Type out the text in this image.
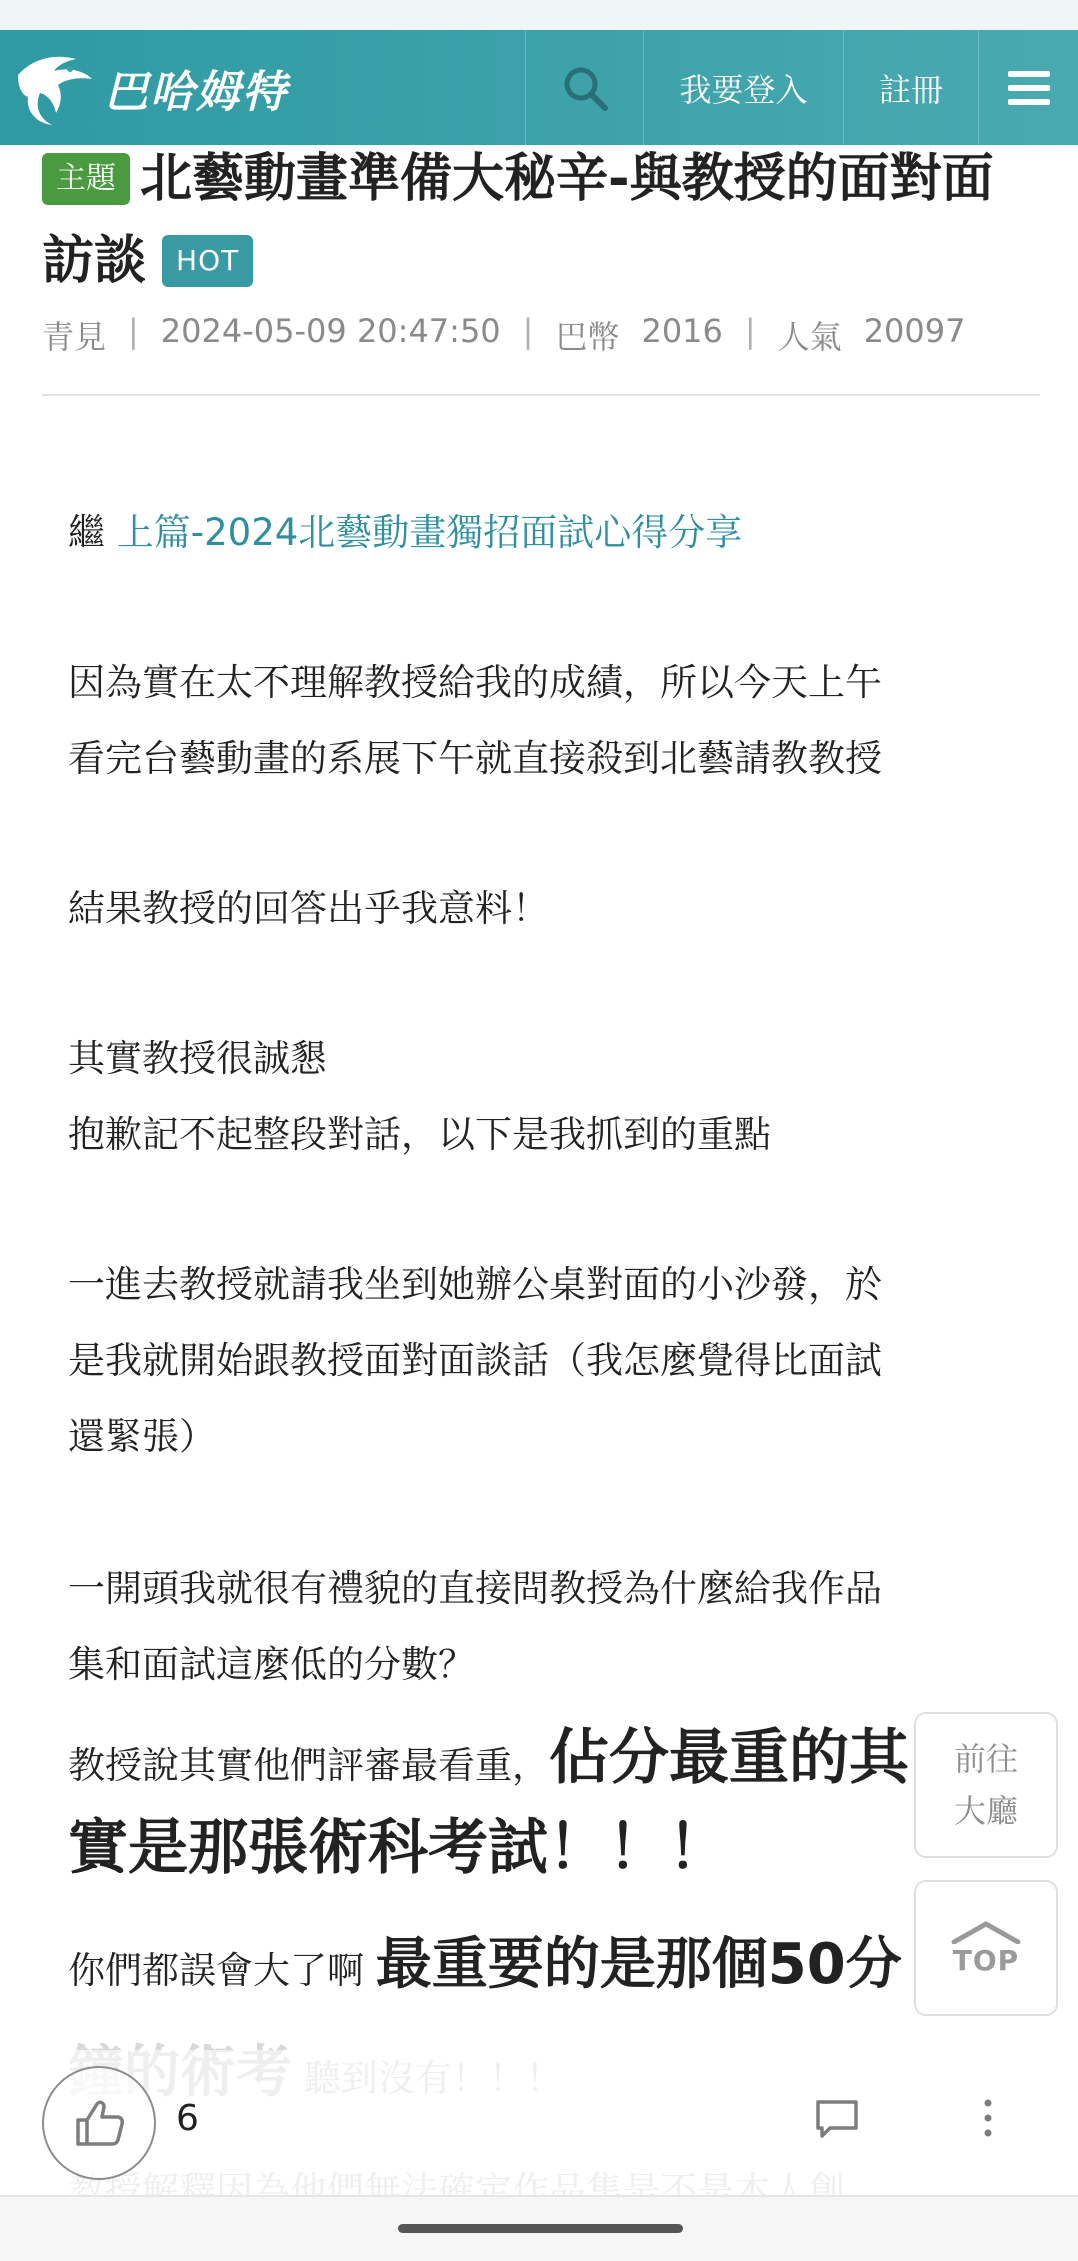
巴哈姆特	我要登入	註冊
主題 北藝動畫準備大秘辛-與教授的面對面
訪談 HOT
青見 | 2024-05-09 20:47:50 | 巴幣 2016 | 人氣 20097
繼 上篇-2024北藝動畫獨招面試心得分享
因為實在太不理解教授給我的成績，所以今天上午
看完台藝動畫的系展下午就直接殺到北藝請教教授
結果教授的回答出乎我意料！
其實教授很誠懇
抱歉記不起整段對話，以下是我抓到的重點
一進去教授就請我坐到她辦公桌對面的小沙發，於
是我就開始跟教授面對面談話（我怎麼覺得比面試
還緊張）
一開頭我就很有禮貌的直接問教授為什麼給我作品
集和面試這麼低的分數？
教授說其實他們評審最看重，佔分最重的其
實是那張術科考試！！！
你們都誤會大了啊 最重要的是那個50分
前往
大廳
TOP
6
